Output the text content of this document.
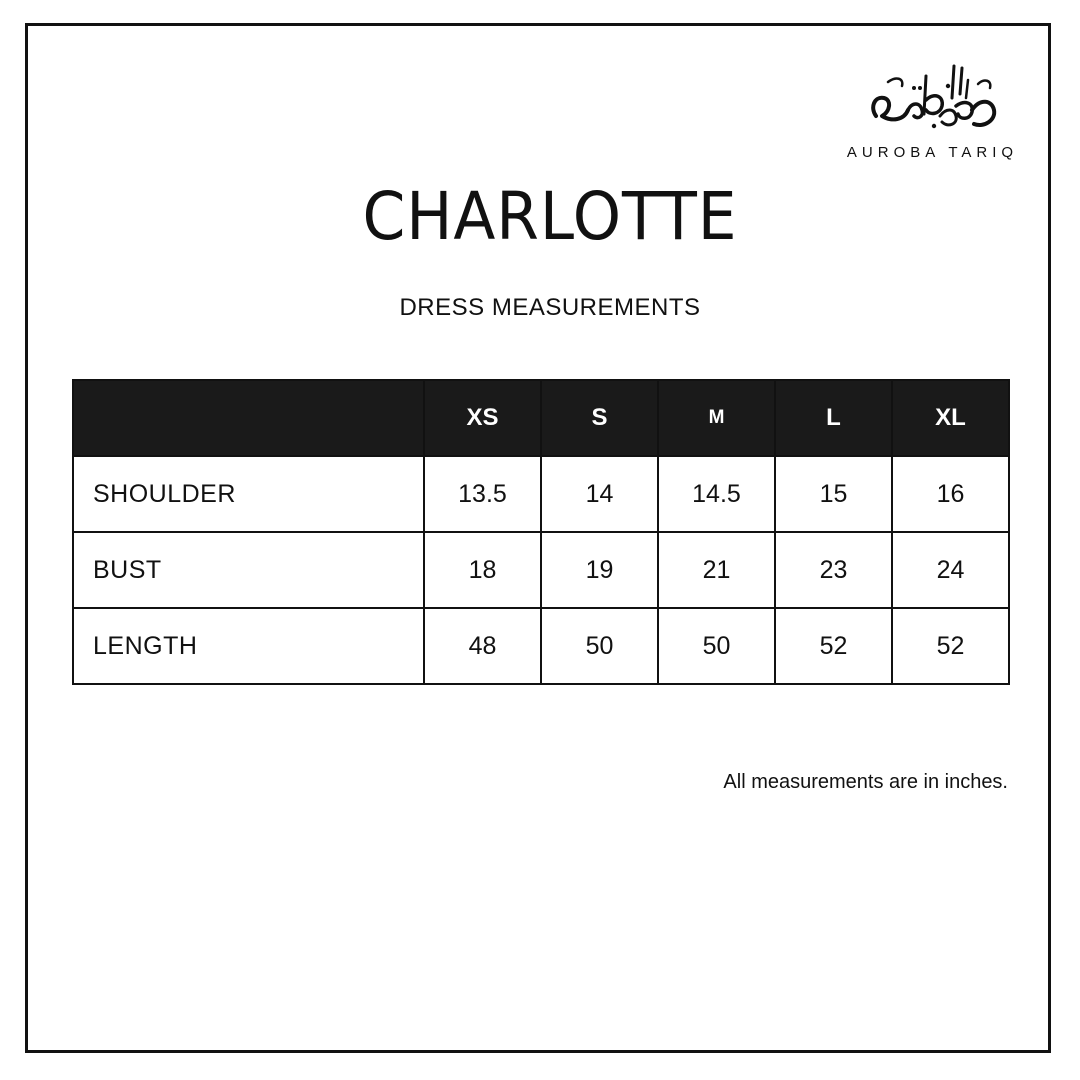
AUROBA TARIQ
CHARLOTTE
DRESS MEASUREMENTS
	XS	S	M	L	XL
SHOULDER	13.5	14	14.5	15	16
BUST	18	19	21	23	24
LENGTH	48	50	50	52	52
All measurements are in inches.
